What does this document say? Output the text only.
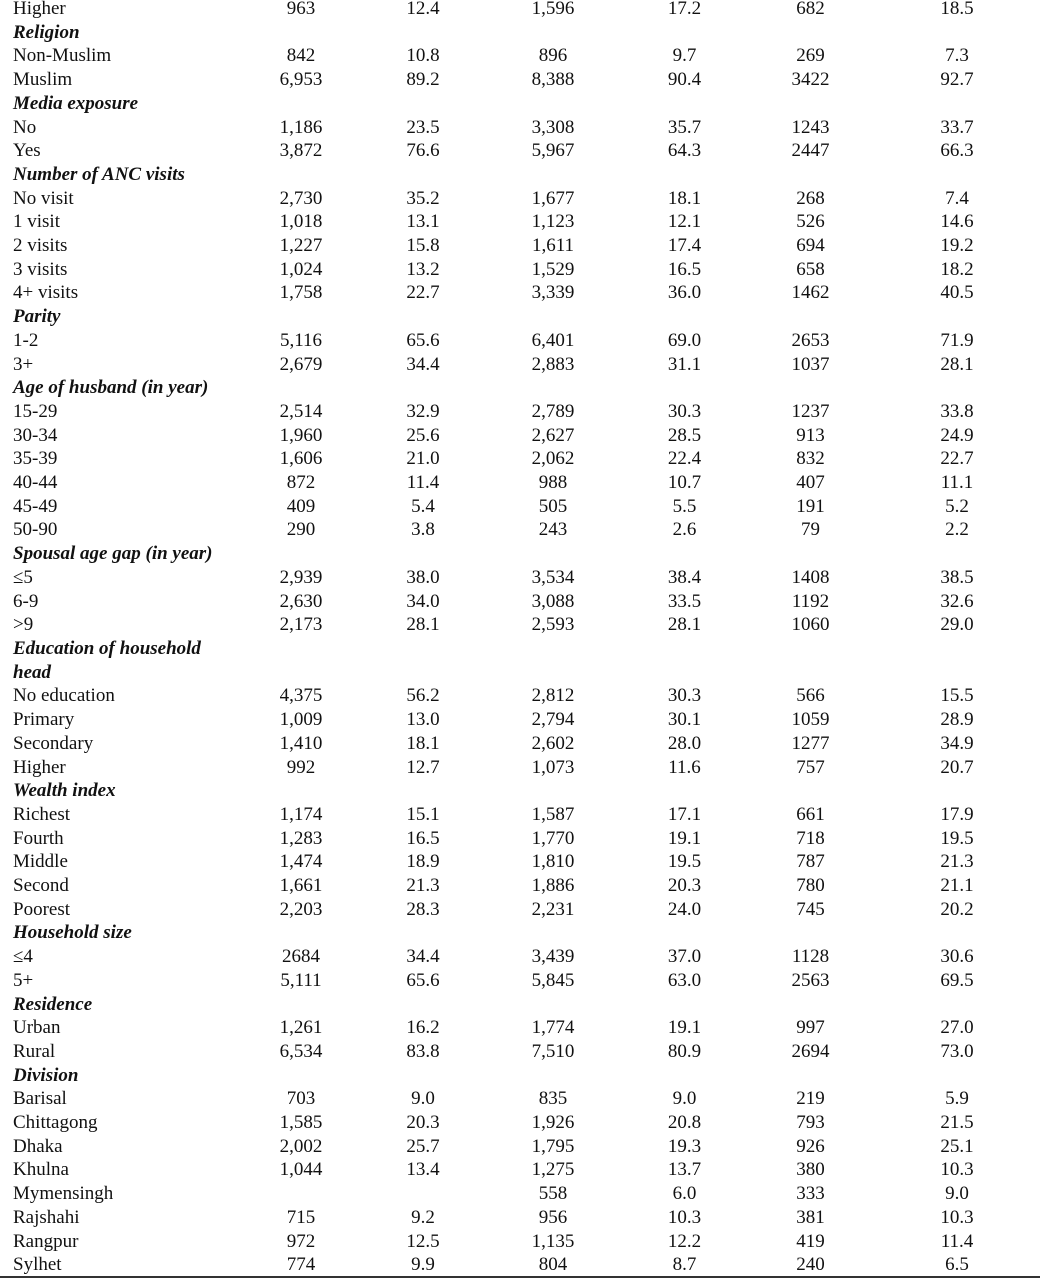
Higher	963	12.4	1,596	17.2	682	18.5
Religion						
Non-Muslim	842	10.8	896	9.7	269	7.3
Muslim	6,953	89.2	8,388	90.4	3422	92.7
Media exposure						
No	1,186	23.5	3,308	35.7	1243	33.7
Yes	3,872	76.6	5,967	64.3	2447	66.3
Number of ANC visits						
No visit	2,730	35.2	1,677	18.1	268	7.4
1 visit	1,018	13.1	1,123	12.1	526	14.6
2 visits	1,227	15.8	1,611	17.4	694	19.2
3 visits	1,024	13.2	1,529	16.5	658	18.2
4+ visits	1,758	22.7	3,339	36.0	1462	40.5
Parity						
1-2	5,116	65.6	6,401	69.0	2653	71.9
3+	2,679	34.4	2,883	31.1	1037	28.1
Age of husband (in year)						
15-29	2,514	32.9	2,789	30.3	1237	33.8
30-34	1,960	25.6	2,627	28.5	913	24.9
35-39	1,606	21.0	2,062	22.4	832	22.7
40-44	872	11.4	988	10.7	407	11.1
45-49	409	5.4	505	5.5	191	5.2
50-90	290	3.8	243	2.6	79	2.2
Spousal age gap (in year)						
≤5	2,939	38.0	3,534	38.4	1408	38.5
6-9	2,630	34.0	3,088	33.5	1192	32.6
>9	2,173	28.1	2,593	28.1	1060	29.0
Education of household						
head						
No education	4,375	56.2	2,812	30.3	566	15.5
Primary	1,009	13.0	2,794	30.1	1059	28.9
Secondary	1,410	18.1	2,602	28.0	1277	34.9
Higher	992	12.7	1,073	11.6	757	20.7
Wealth index						
Richest	1,174	15.1	1,587	17.1	661	17.9
Fourth	1,283	16.5	1,770	19.1	718	19.5
Middle	1,474	18.9	1,810	19.5	787	21.3
Second	1,661	21.3	1,886	20.3	780	21.1
Poorest	2,203	28.3	2,231	24.0	745	20.2
Household size						
≤4	2684	34.4	3,439	37.0	1128	30.6
5+	5,111	65.6	5,845	63.0	2563	69.5
Residence						
Urban	1,261	16.2	1,774	19.1	997	27.0
Rural	6,534	83.8	7,510	80.9	2694	73.0
Division						
Barisal	703	9.0	835	9.0	219	5.9
Chittagong	1,585	20.3	1,926	20.8	793	21.5
Dhaka	2,002	25.7	1,795	19.3	926	25.1
Khulna	1,044	13.4	1,275	13.7	380	10.3
Mymensingh			558	6.0	333	9.0
Rajshahi	715	9.2	956	10.3	381	10.3
Rangpur	972	12.5	1,135	12.2	419	11.4
Sylhet	774	9.9	804	8.7	240	6.5
